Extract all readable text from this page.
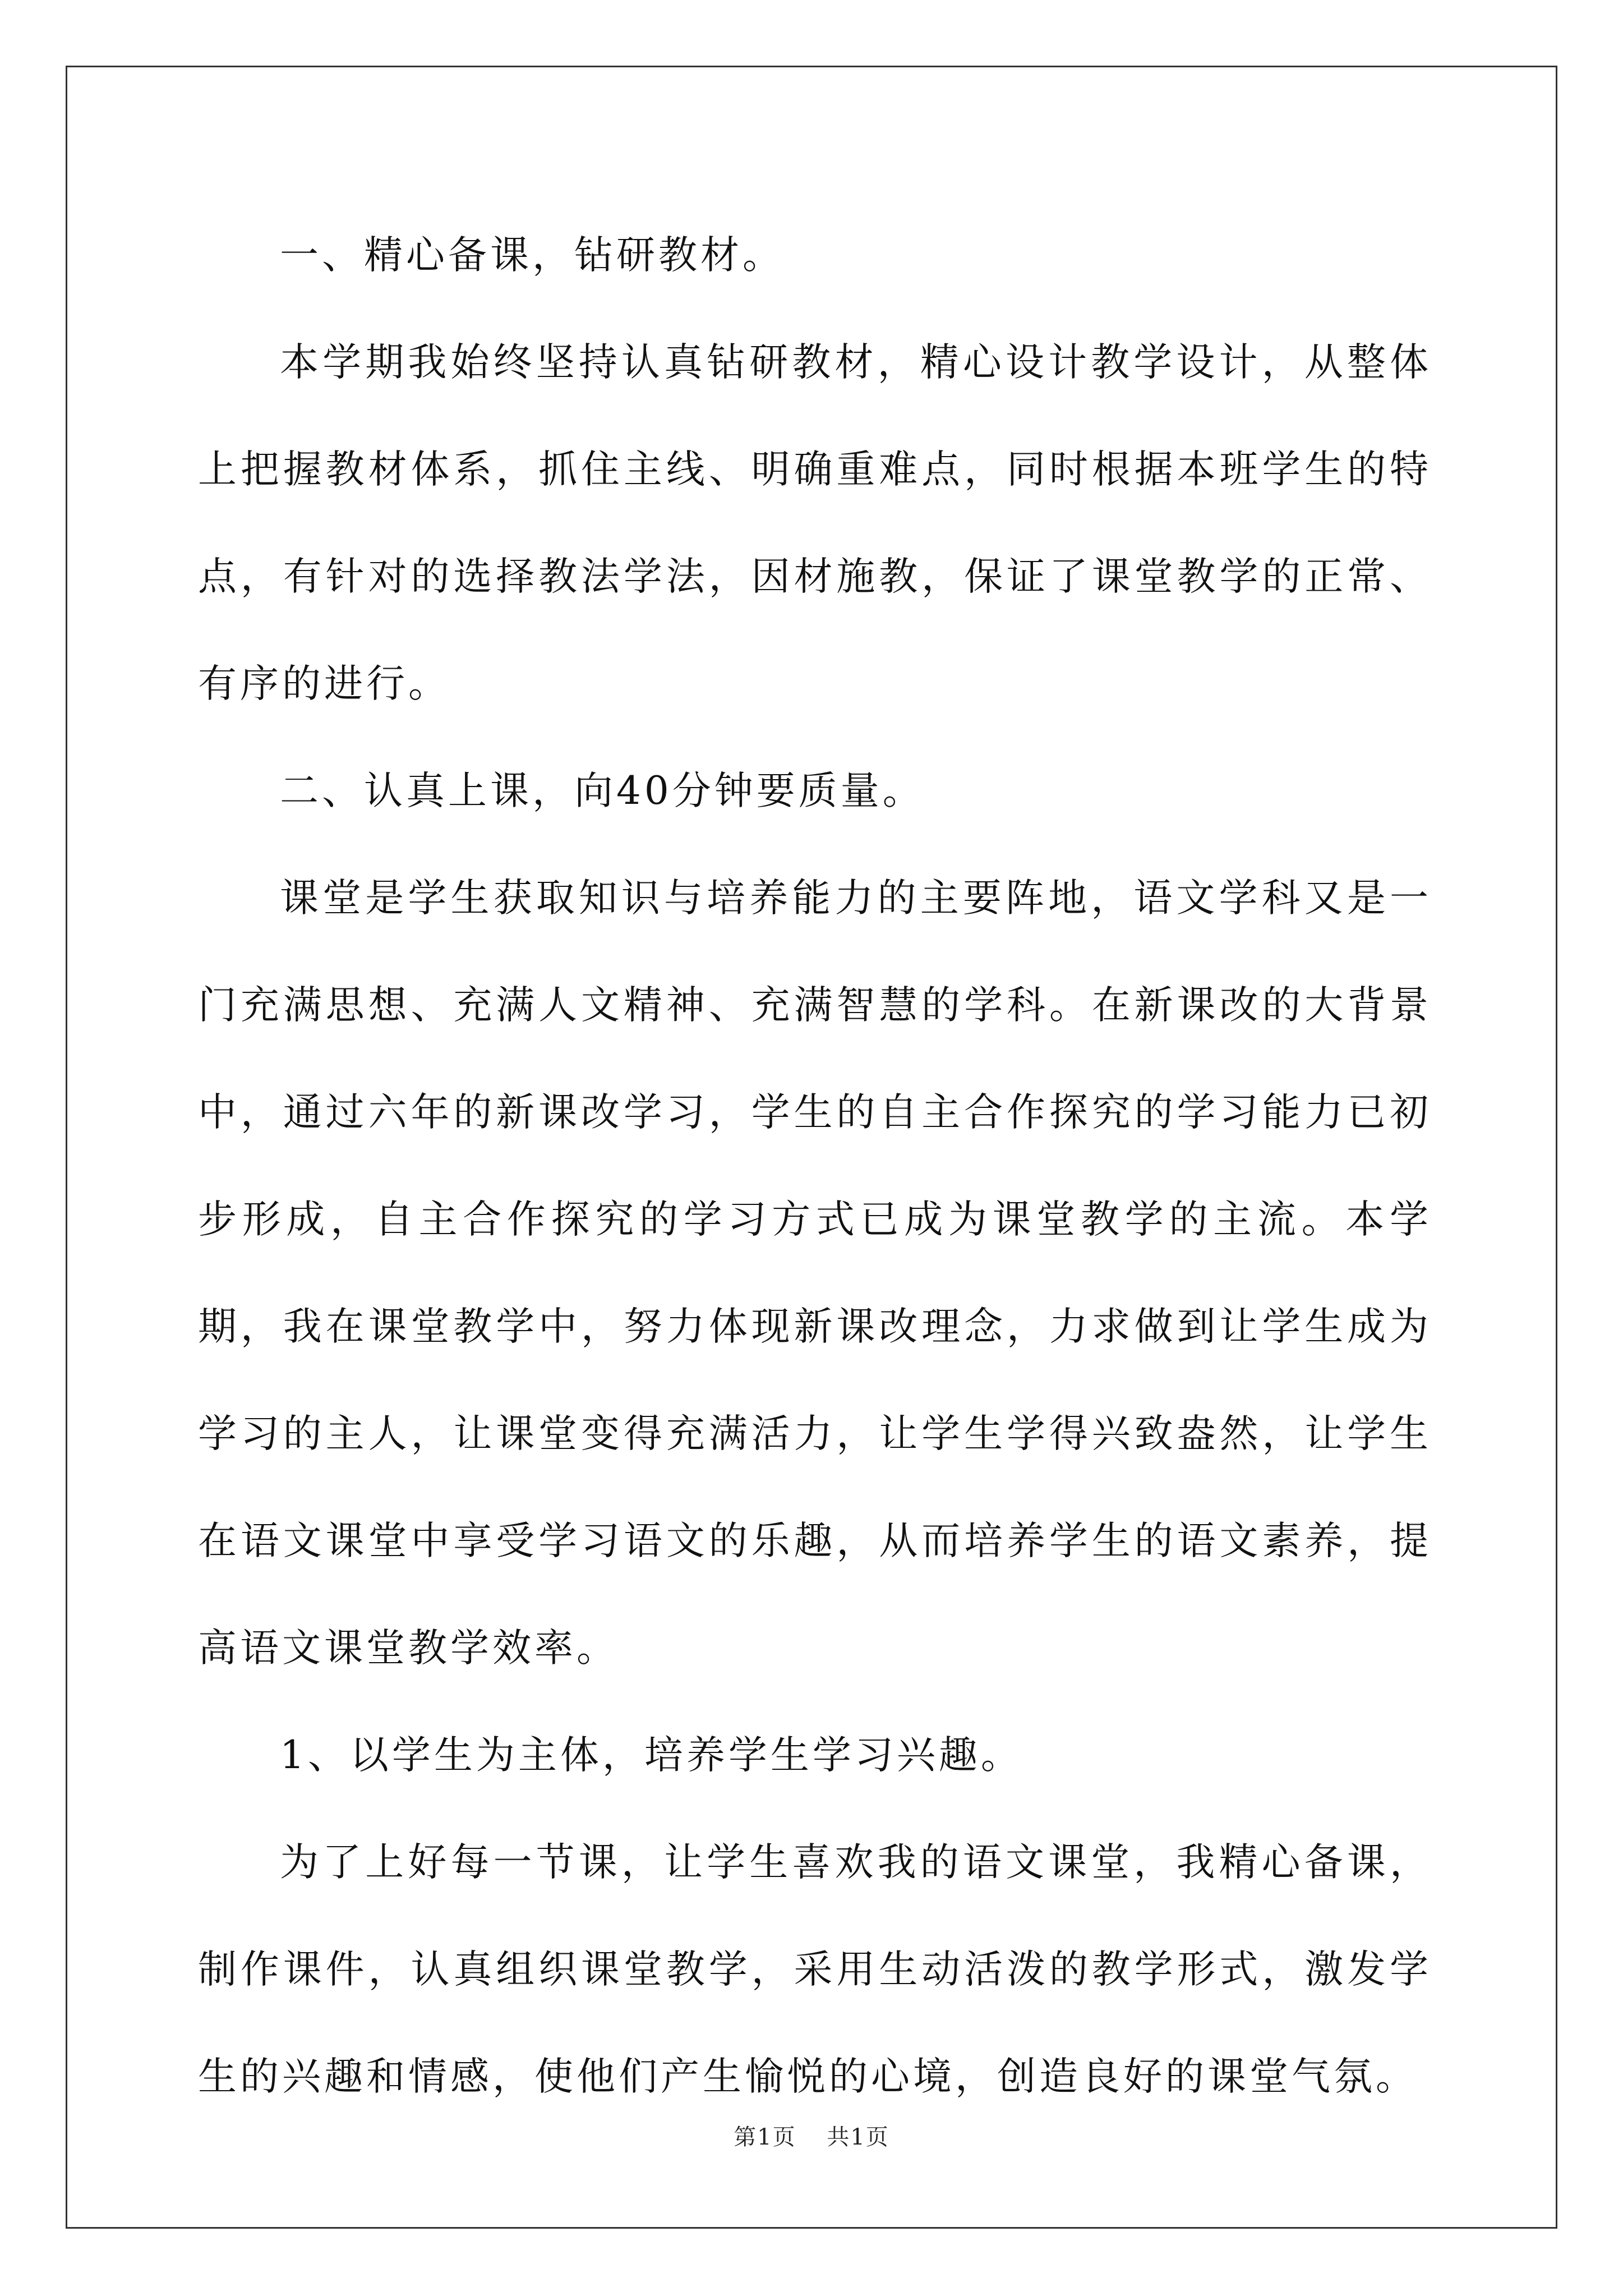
一、精心备课，钻研教材。

本学期我始终坚持认真钻研教材，精心设计教学设计，从整体上把握教材体系，抓住主线、明确重难点，同时根据本班学生的特点，有针对的选择教法学法，因材施教，保证了课堂教学的正常、有序的进行。

二、认真上课，向40分钟要质量。

课堂是学生获取知识与培养能力的主要阵地，语文学科又是一门充满思想、充满人文精神、充满智慧的学科。在新课改的大背景中，通过六年的新课改学习，学生的自主合作探究的学习能力已初步形成，自主合作探究的学习方式已成为课堂教学的主流。本学期，我在课堂教学中，努力体现新课改理念，力求做到让学生成为学习的主人，让课堂变得充满活力，让学生学得兴致盎然，让学生在语文课堂中享受学习语文的乐趣，从而培养学生的语文素养，提高语文课堂教学效率。

1、以学生为主体，培养学生学习兴趣。

为了上好每一节课，让学生喜欢我的语文课堂，我精心备课，制作课件，认真组织课堂教学，采用生动活泼的教学形式，激发学生的兴趣和情感，使他们产生愉悦的心境，创造良好的课堂气氛。

第1页 共1页
